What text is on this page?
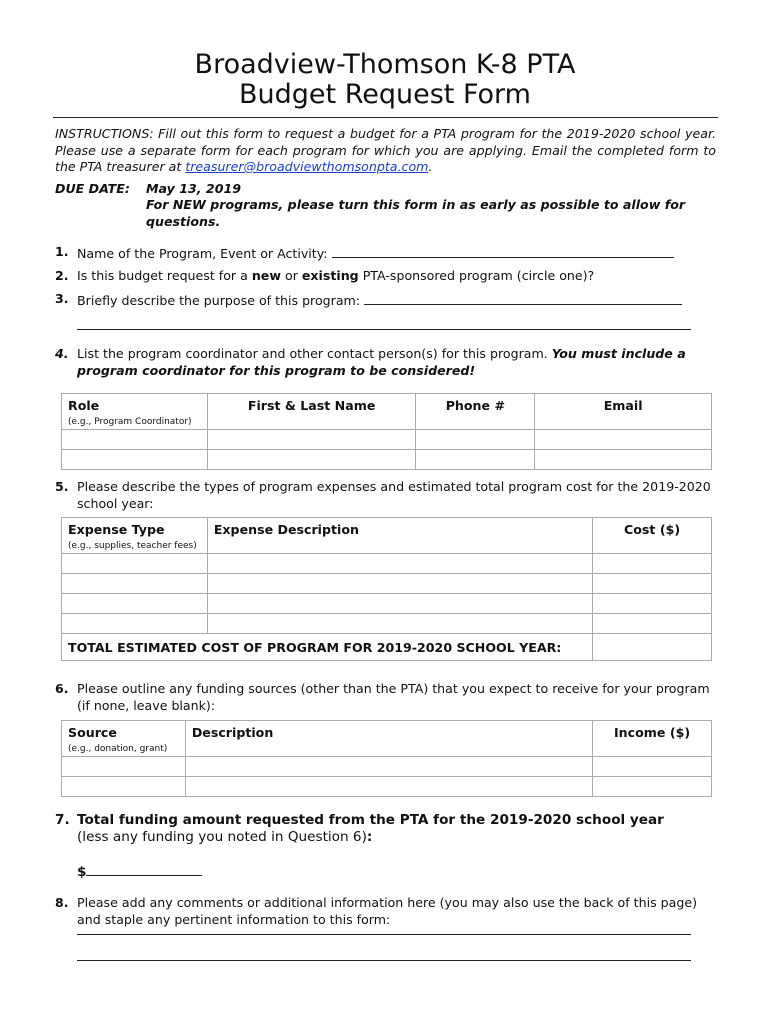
Broadview-Thomson K-8 PTA
Budget Request Form
INSTRUCTIONS: Fill out this form to request a budget for a PTA program for the 2019-2020 school year. Please use a separate form for each program for which you are applying. Email the completed form to the PTA treasurer at treasurer@broadviewthomsonpta.com.
DUE DATE: May 13, 2019
For NEW programs, please turn this form in as early as possible to allow for questions.
1. Name of the Program, Event or Activity:
2. Is this budget request for a new or existing PTA-sponsored program (circle one)?
3. Briefly describe the purpose of this program:
4. List the program coordinator and other contact person(s) for this program. You must include a program coordinator for this program to be considered!
Role
(e.g., Program Coordinator)	First & Last Name	Phone #	Email

5. Please describe the types of program expenses and estimated total program cost for the 2019-2020 school year:
Expense Type
(e.g., supplies, teacher fees)	Expense Description	Cost ($)

TOTAL ESTIMATED COST OF PROGRAM FOR 2019-2020 SCHOOL YEAR:		
6. Please outline any funding sources (other than the PTA) that you expect to receive for your program (if none, leave blank):
Source
(e.g., donation, grant)	Description	Income ($)

7. Total funding amount requested from the PTA for the 2019-2020 school year
(less any funding you noted in Question 6):
$
8. Please add any comments or additional information here (you may also use the back of this page) and staple any pertinent information to this form:
